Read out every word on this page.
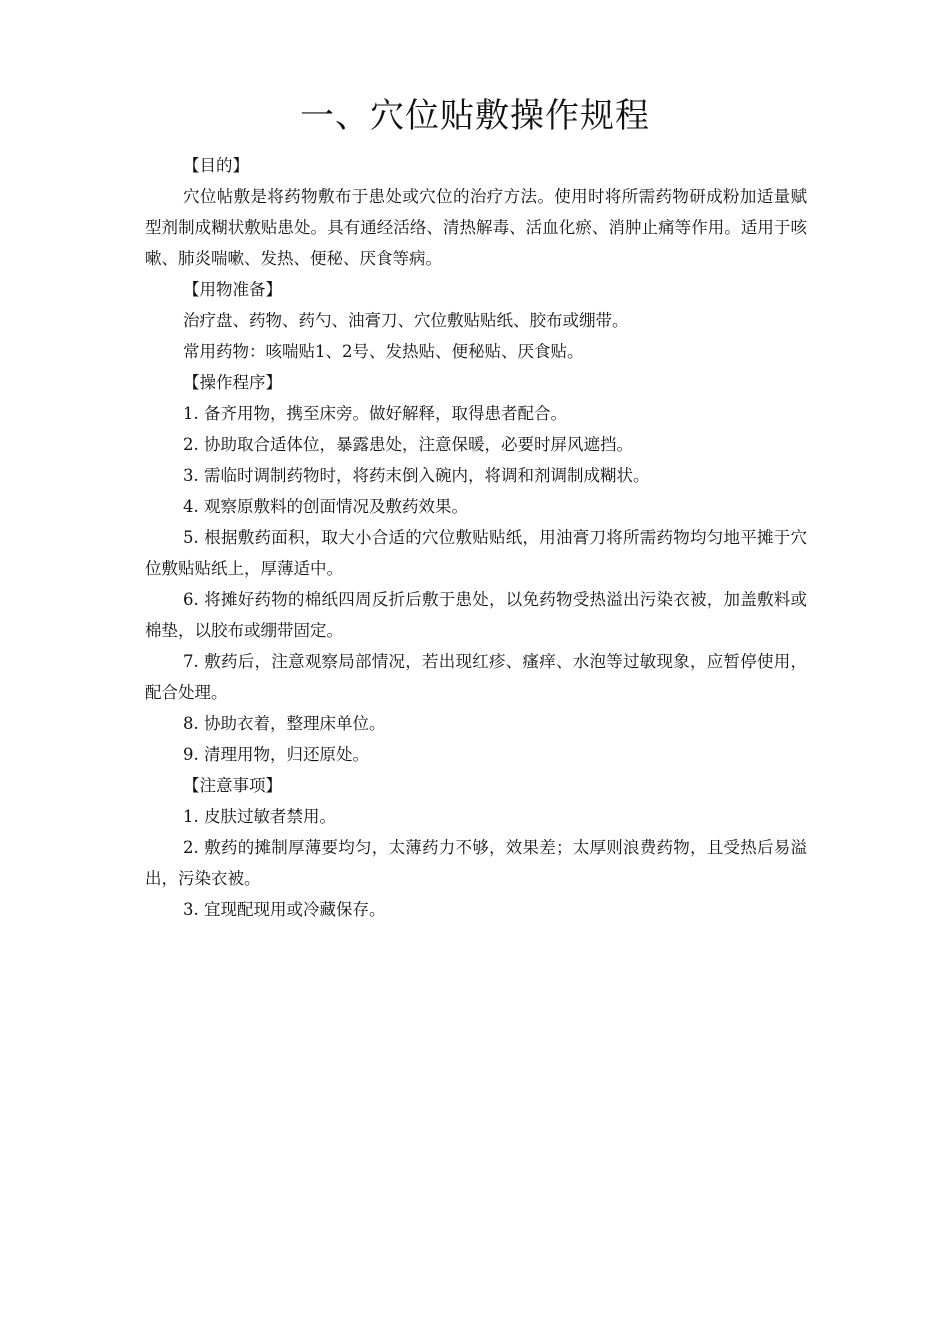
一、穴位贴敷操作规程

【目的】

穴位帖敷是将药物敷布于患处或穴位的治疗方法。使用时将所需药物研成粉加适量赋型剂制成糊状敷贴患处。具有通经活络、清热解毒、活血化瘀、消肿止痛等作用。适用于咳嗽、肺炎喘嗽、发热、便秘、厌食等病。

【用物准备】

治疗盘、药物、药勺、油膏刀、穴位敷贴贴纸、胶布或绷带。

常用药物：咳喘贴1、2号、发热贴、便秘贴、厌食贴。

【操作程序】

1. 备齐用物，携至床旁。做好解释，取得患者配合。

2. 协助取合适体位，暴露患处，注意保暖，必要时屏风遮挡。

3. 需临时调制药物时，将药末倒入碗内，将调和剂调制成糊状。

4. 观察原敷料的创面情况及敷药效果。

5. 根据敷药面积，取大小合适的穴位敷贴贴纸，用油膏刀将所需药物均匀地平摊于穴位敷贴贴纸上，厚薄适中。

6. 将摊好药物的棉纸四周反折后敷于患处，以免药物受热溢出污染衣被，加盖敷料或棉垫，以胶布或绷带固定。

7. 敷药后，注意观察局部情况，若出现红疹、瘙痒、水泡等过敏现象，应暂停使用，配合处理。

8. 协助衣着，整理床单位。

9. 清理用物，归还原处。

【注意事项】

1. 皮肤过敏者禁用。

2. 敷药的摊制厚薄要均匀，太薄药力不够，效果差；太厚则浪费药物，且受热后易溢出，污染衣被。

3. 宜现配现用或冷藏保存。
